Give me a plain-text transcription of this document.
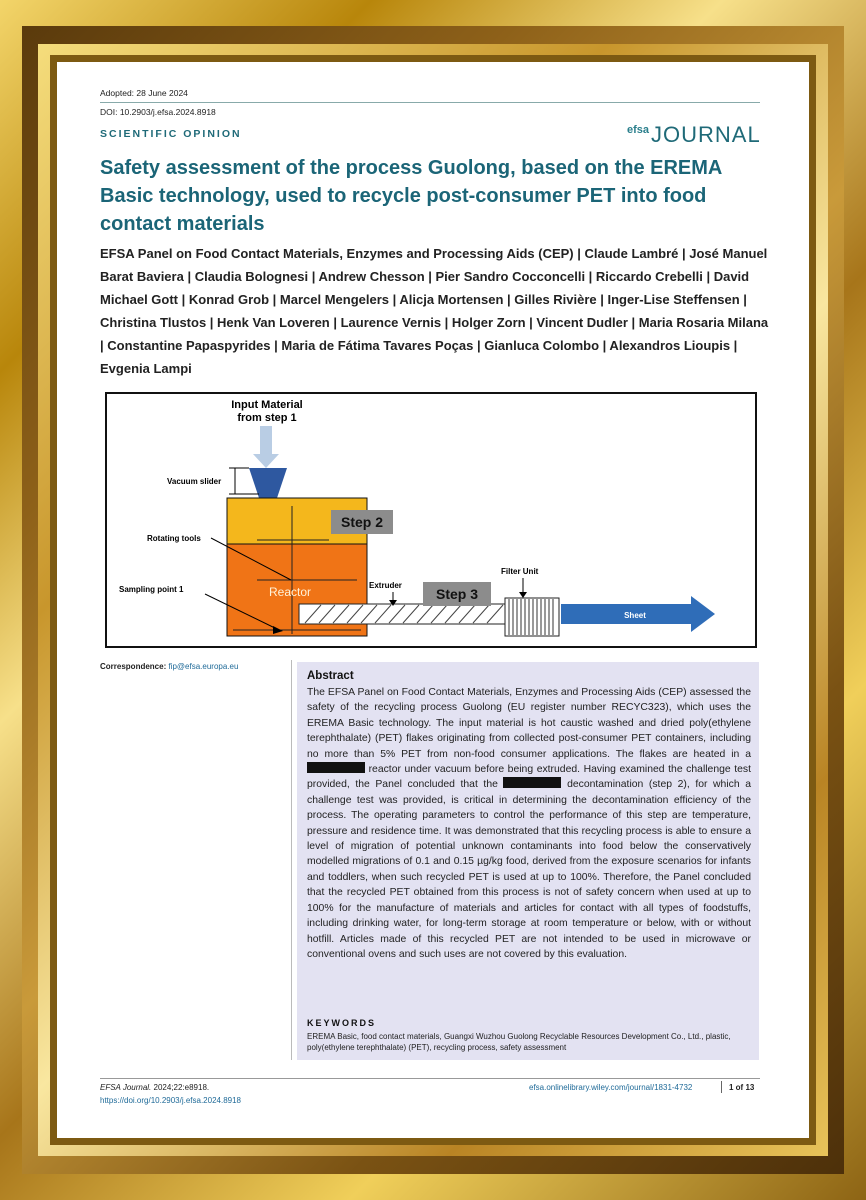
Adopted: 28 June 2024
DOI: 10.2903/j.efsa.2024.8918
SCIENTIFIC OPINION	efsa JOURNAL
Safety assessment of the process Guolong, based on the EREMA Basic technology, used to recycle post-consumer PET into food contact materials
EFSA Panel on Food Contact Materials, Enzymes and Processing Aids (CEP) | Claude Lambré | José Manuel Barat Baviera | Claudia Bolognesi | Andrew Chesson | Pier Sandro Cocconcelli | Riccardo Crebelli | David Michael Gott | Konrad Grob | Marcel Mengelers | Alicja Mortensen | Gilles Rivière | Inger-Lise Steffensen | Christina Tlustos | Henk Van Loveren | Laurence Vernis | Holger Zorn | Vincent Dudler | Maria Rosaria Milana | Constantine Papaspyrides | Maria de Fátima Tavares Poças | Gianluca Colombo | Alexandros Lioupis | Evgenia Lampi
Input Material
from step 1
Vacuum slider
Reactor
Rotating tools
Sampling point 1
Step 2
Extruder
Step 3
Filter Unit
Sheet
Correspondence: fip@efsa.europa.eu
Abstract
The EFSA Panel on Food Contact Materials, Enzymes and Processing Aids (CEP) assessed the safety of the recycling process Guolong (EU register number RECYC323), which uses the EREMA Basic technology. The input material is hot caustic washed and dried poly(ethylene terephthalate) (PET) flakes originating from collected post-consumer PET containers, including no more than 5% PET from non-food consumer applications. The flakes are heated in a  reactor under vacuum before being extruded. Having examined the challenge test provided, the Panel concluded that the	decontamination (step 2), for which a challenge test was provided, is critical in determining the decontamination efficiency of the process. The operating parameters to control the performance of this step are temperature, pressure and residence time. It was demonstrated that this recycling process is able to ensure a level of migration of potential unknown contaminants into food below the conservatively modelled migrations of 0.1 and 0.15 µg/kg food, derived from the exposure scenarios for infants and toddlers, when such recycled PET is used at up to 100%. Therefore, the Panel concluded that the recycled PET obtained from this process is not of safety concern when used at up to 100% for the manufacture of materials and articles for contact with all types of foodstuffs, including drinking water, for long-term storage at room temperature or below, with or without hotfill. Articles made of this recycled PET are not intended to be used in microwave or conventional ovens and such uses are not covered by this evaluation.
KEYWORDS
EREMA Basic, food contact materials, Guangxi Wuzhou Guolong Recyclable Resources Development Co., Ltd., plastic, poly(ethylene terephthalate) (PET), recycling process, safety assessment
EFSA Journal. 2024;22:e8918.
https://doi.org/10.2903/j.efsa.2024.8918
efsa.onlinelibrary.wiley.com/journal/1831-4732	1 of 13
